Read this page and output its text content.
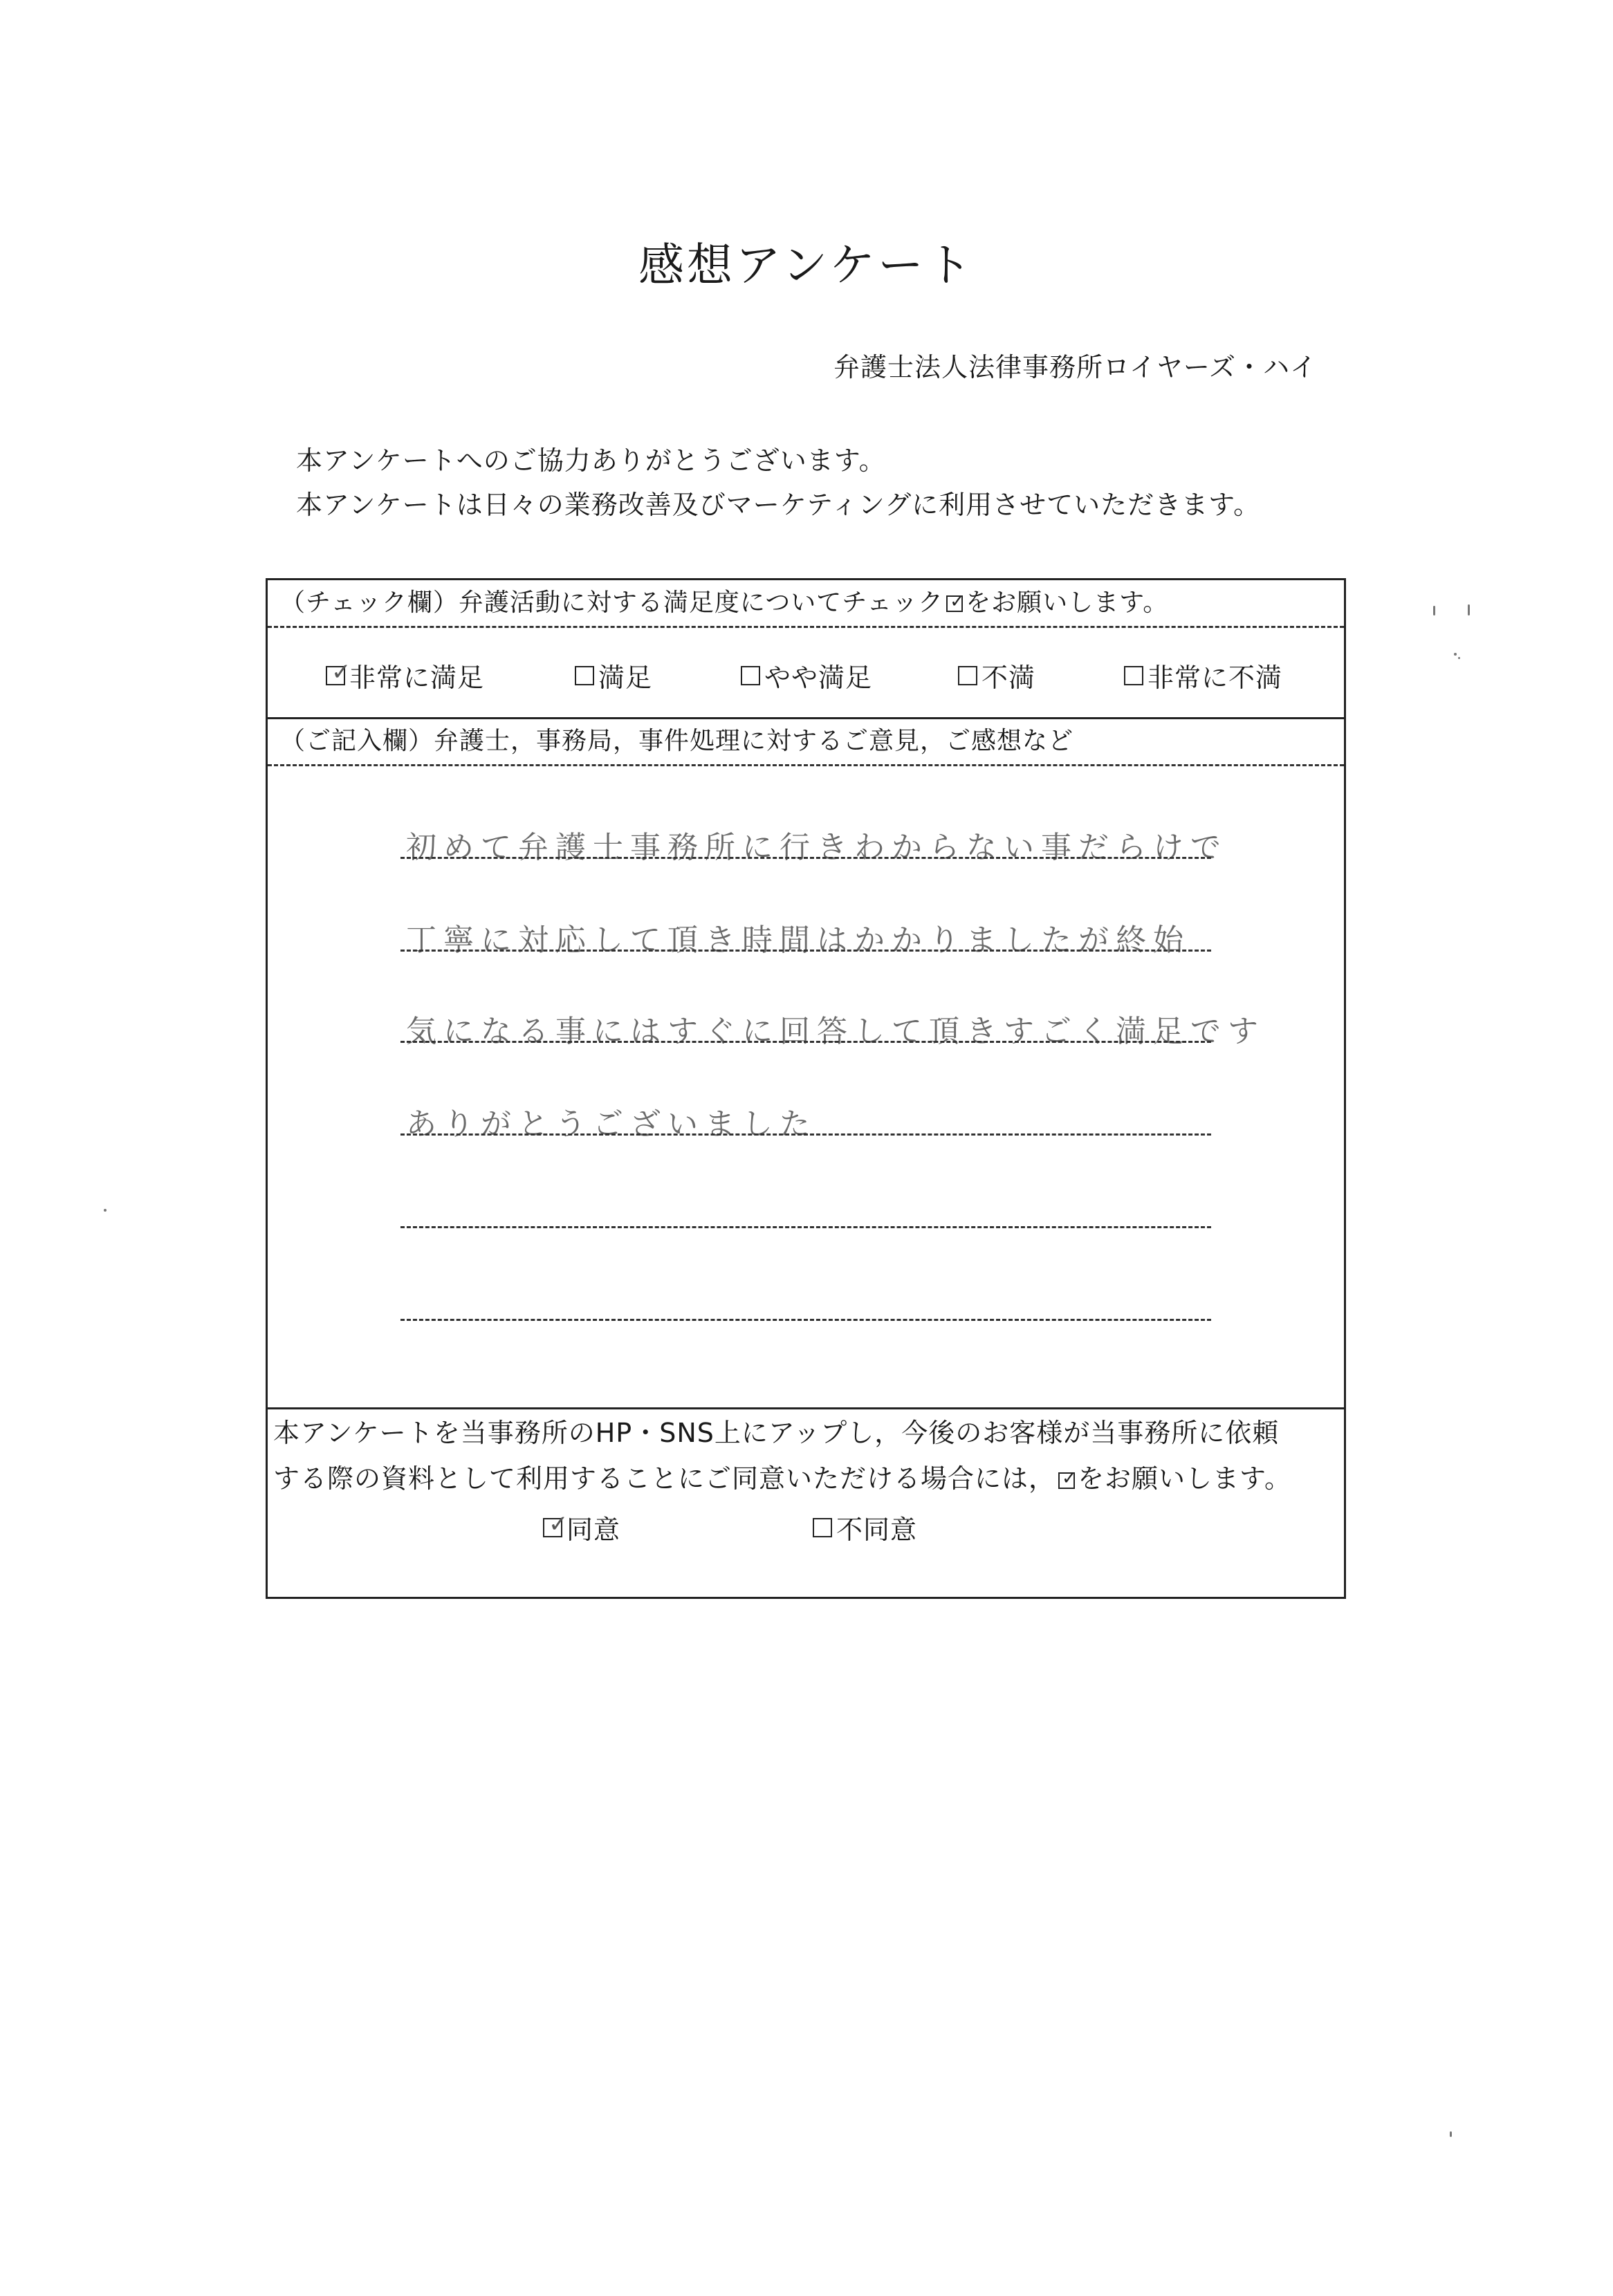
感想アンケート
弁護士法人法律事務所ロイヤーズ・ハイ

本アンケートへのご協力ありがとうございます。

本アンケートは日々の業務改善及びマーケティングに利用させていただきます。

（チェック欄）弁護活動に対する満足度についてチェック ✓ をお願いします。
✓
非常に満足	満足	やや満足	不満	非常に不満
（ご記入欄）弁護士，事務局，事件処理に対するご意見，ご感想など
初めて弁護士事務所に行きわからない事だらけで
丁寧に対応して頂き時間はかかりましたが終始
気になる事にはすぐに回答して頂きすごく満足です
ありがとうございました

本アンケートを当事務所のHP・SNS上にアップし，今後のお客様が当事務所に依頼

する際の資料として利用することにご同意いただける場合には， ✓ をお願いします。

✓
同意	不同意
